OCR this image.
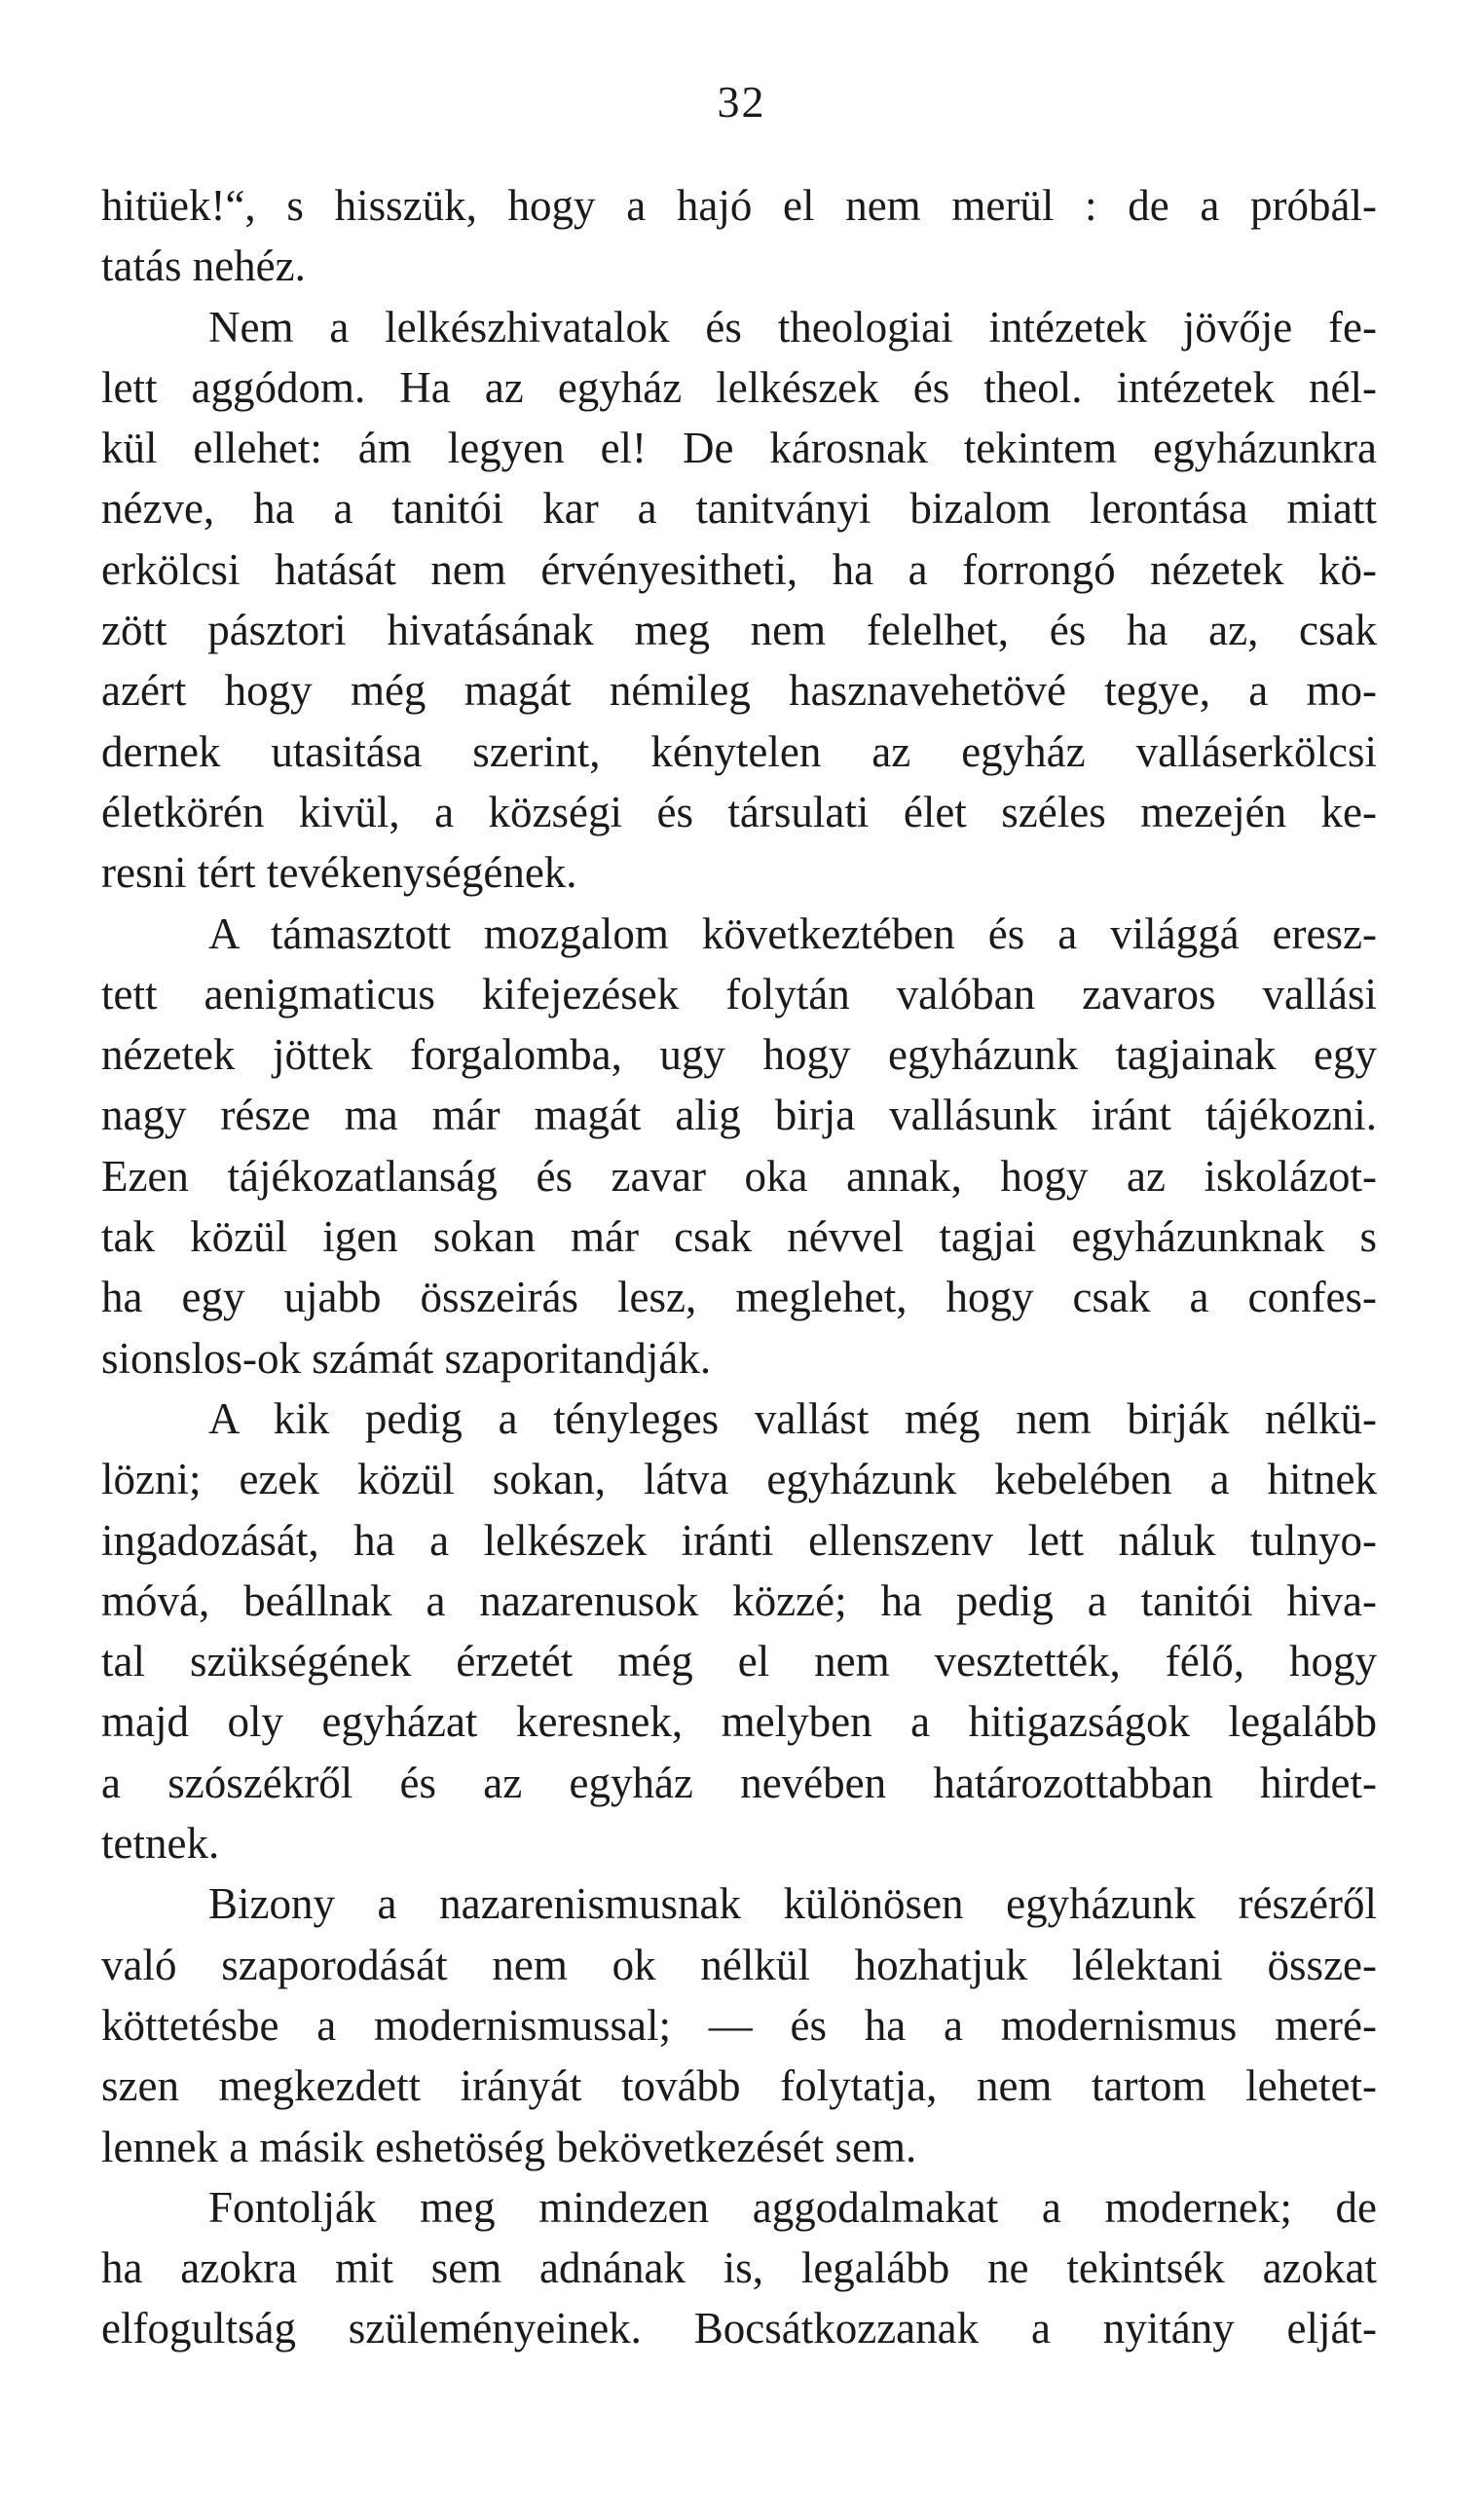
32
hitüek!“, s hisszük, hogy a hajó el nem merül : de a próbál-
tatás nehéz.
Nem a lelkészhivatalok és theologiai intézetek jövője fe-
lett aggódom. Ha az egyház lelkészek és theol. intézetek nél-
kül ellehet: ám legyen el! De károsnak tekintem egyházunkra
nézve, ha a tanitói kar a tanitványi bizalom lerontása miatt
erkölcsi hatását nem érvényesitheti, ha a forrongó nézetek kö-
zött pásztori hivatásának meg nem felelhet, és ha az, csak
azért hogy még magát némileg hasznavehetövé tegye, a mo-
dernek utasitása szerint, kénytelen az egyház valláserkölcsi
életkörén kivül, a községi és társulati élet széles mezején ke-
resni tért tevékenységének.
A támasztott mozgalom következtében és a világgá eresz-
tett aenigmaticus kifejezések folytán valóban zavaros vallási
nézetek jöttek forgalomba, ugy hogy egyházunk tagjainak egy
nagy része ma már magát alig birja vallásunk iránt tájékozni.
Ezen tájékozatlanság és zavar oka annak, hogy az iskolázot-
tak közül igen sokan már csak névvel tagjai egyházunknak s
ha egy ujabb összeirás lesz, meglehet, hogy csak a confes-
sionslos-ok számát szaporitandják.
A kik pedig a tényleges vallást még nem birják nélkü-
lözni; ezek közül sokan, látva egyházunk kebelében a hitnek
ingadozását, ha a lelkészek iránti ellenszenv lett náluk tulnyo-
móvá, beállnak a nazarenusok közzé; ha pedig a tanitói hiva-
tal szükségének érzetét még el nem vesztették, félő, hogy
majd oly egyházat keresnek, melyben a hitigazságok legalább
a szószékről és az egyház nevében határozottabban hirdet-
tetnek.
Bizony a nazarenismusnak különösen egyházunk részéről
való szaporodását nem ok nélkül hozhatjuk lélektani össze-
köttetésbe a modernismussal; — és ha a modernismus meré-
szen megkezdett irányát tovább folytatja, nem tartom lehetet-
lennek a másik eshetöség bekövetkezését sem.
Fontolják meg mindezen aggodalmakat a modernek; de
ha azokra mit sem adnának is, legalább ne tekintsék azokat
elfogultság szüleményeinek. Bocsátkozzanak a nyitány elját-
